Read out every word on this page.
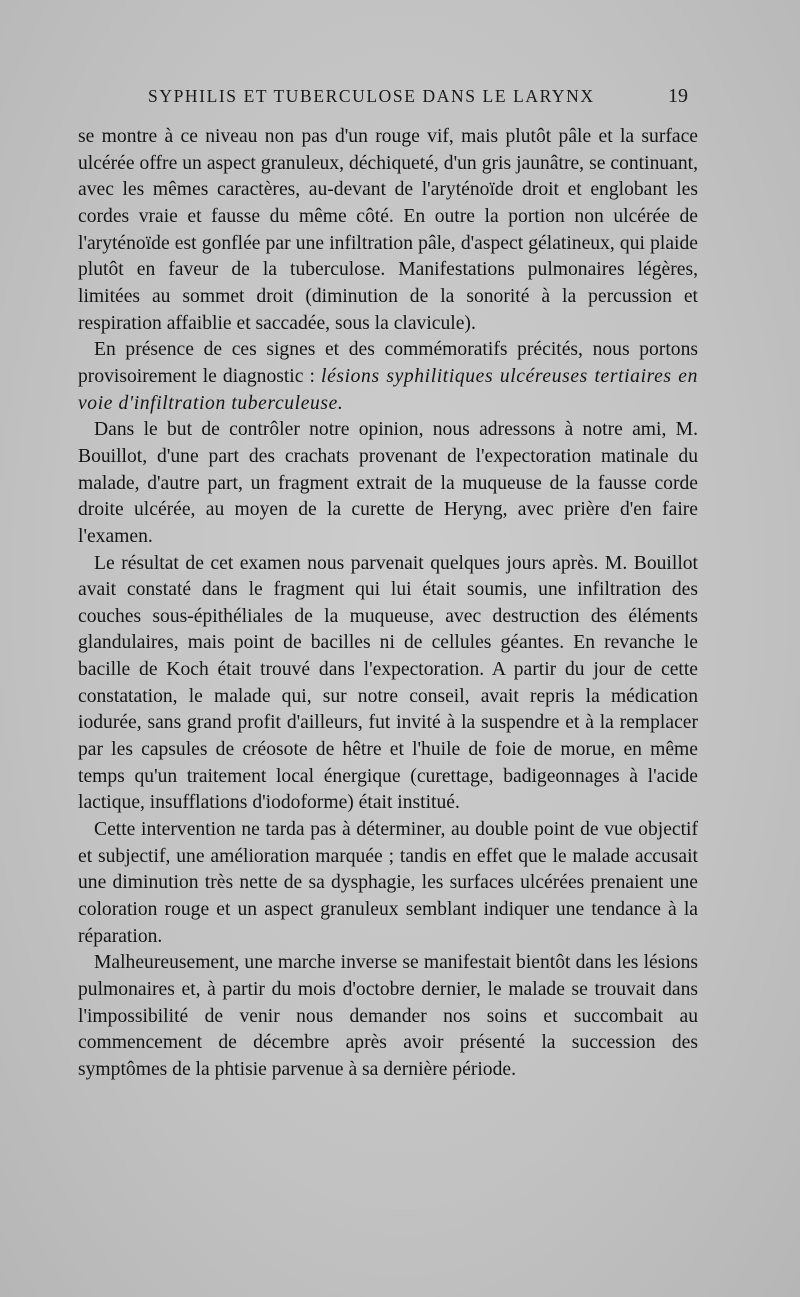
SYPHILIS ET TUBERCULOSE DANS LE LARYNX	19

se montre à ce niveau non pas d'un rouge vif, mais plutôt pâle et la surface ulcérée offre un aspect granuleux, déchiqueté, d'un gris jaunâtre, se continuant, avec les mêmes caractères, au-devant de l'aryténoïde droit et englobant les cordes vraie et fausse du même côté. En outre la portion non ulcérée de l'aryténoïde est gonflée par une infiltration pâle, d'aspect gélatineux, qui plaide plutôt en faveur de la tuberculose. Manifestations pulmonaires légères, limitées au sommet droit (diminution de la sonorité à la percussion et respiration affaiblie et saccadée, sous la clavicule).

En présence de ces signes et des commémoratifs précités, nous portons provisoirement le diagnostic : lésions syphilitiques ulcéreuses tertiaires en voie d'infiltration tuberculeuse.

Dans le but de contrôler notre opinion, nous adressons à notre ami, M. Bouillot, d'une part des crachats provenant de l'expectoration matinale du malade, d'autre part, un fragment extrait de la muqueuse de la fausse corde droite ulcérée, au moyen de la curette de Heryng, avec prière d'en faire l'examen.

Le résultat de cet examen nous parvenait quelques jours après. M. Bouillot avait constaté dans le fragment qui lui était soumis, une infiltration des couches sous-épithéliales de la muqueuse, avec destruction des éléments glandulaires, mais point de bacilles ni de cellules géantes. En revanche le bacille de Koch était trouvé dans l'expectoration. A partir du jour de cette constatation, le malade qui, sur notre conseil, avait repris la médication iodurée, sans grand profit d'ailleurs, fut invité à la suspendre et à la remplacer par les capsules de créosote de hêtre et l'huile de foie de morue, en même temps qu'un traitement local énergique (curettage, badigeonnages à l'acide lactique, insufflations d'iodoforme) était institué.

Cette intervention ne tarda pas à déterminer, au double point de vue objectif et subjectif, une amélioration marquée ; tandis en effet que le malade accusait une diminution très nette de sa dysphagie, les surfaces ulcérées prenaient une coloration rouge et un aspect granuleux semblant indiquer une tendance à la réparation.

Malheureusement, une marche inverse se manifestait bientôt dans les lésions pulmonaires et, à partir du mois d'octobre dernier, le malade se trouvait dans l'impossibilité de venir nous demander nos soins et succombait au commencement de décembre après avoir présenté la succession des symptômes de la phtisie parvenue à sa dernière période.
